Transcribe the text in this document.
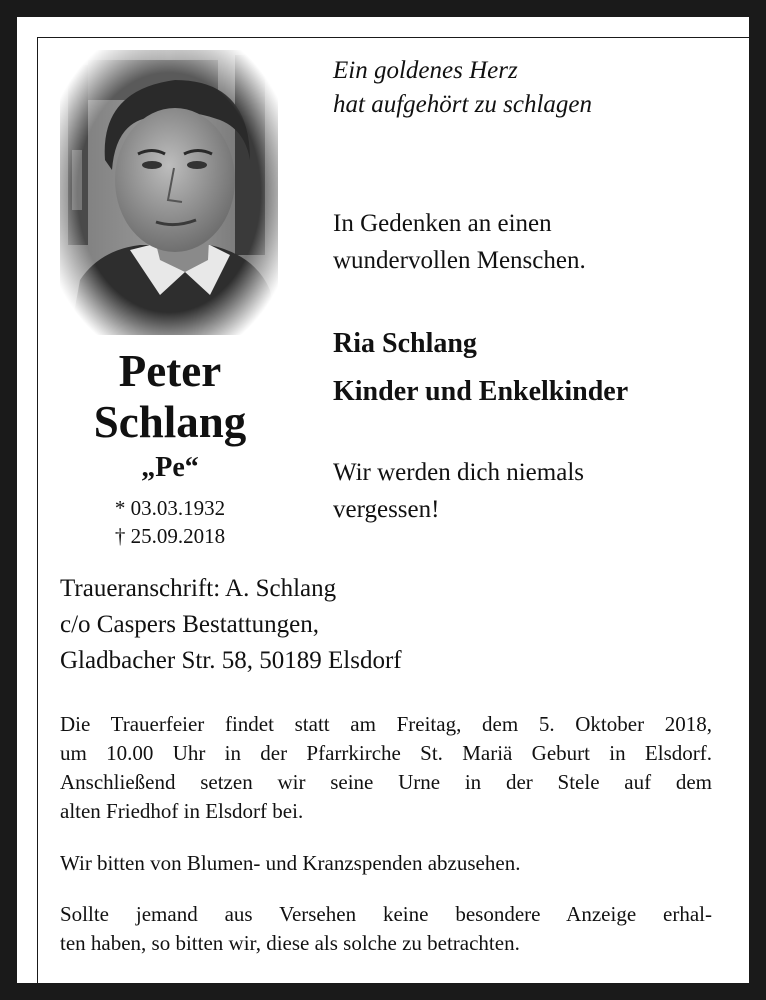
Peter
Schlang
„Pe“
* 03.03.1932
† 25.09.2018
Ein goldenes Herz
hat aufgehört zu schlagen
In Gedenken an einen
wundervollen Menschen.
Ria Schlang
Kinder und Enkelkinder
Wir werden dich niemals
vergessen!
Traueranschrift: A. Schlang
c/o Caspers Bestattungen,
Gladbacher Str. 58, 50189 Elsdorf
Die Trauerfeier findet statt am Freitag, dem 5. Oktober 2018,
um 10.00 Uhr in der Pfarrkirche St. Mariä Geburt in Elsdorf.
Anschließend setzen wir seine Urne in der Stele auf dem
alten Friedhof in Elsdorf bei.
Wir bitten von Blumen- und Kranzspenden abzusehen.
Sollte jemand aus Versehen keine besondere Anzeige erhal-
ten haben, so bitten wir, diese als solche zu betrachten.
